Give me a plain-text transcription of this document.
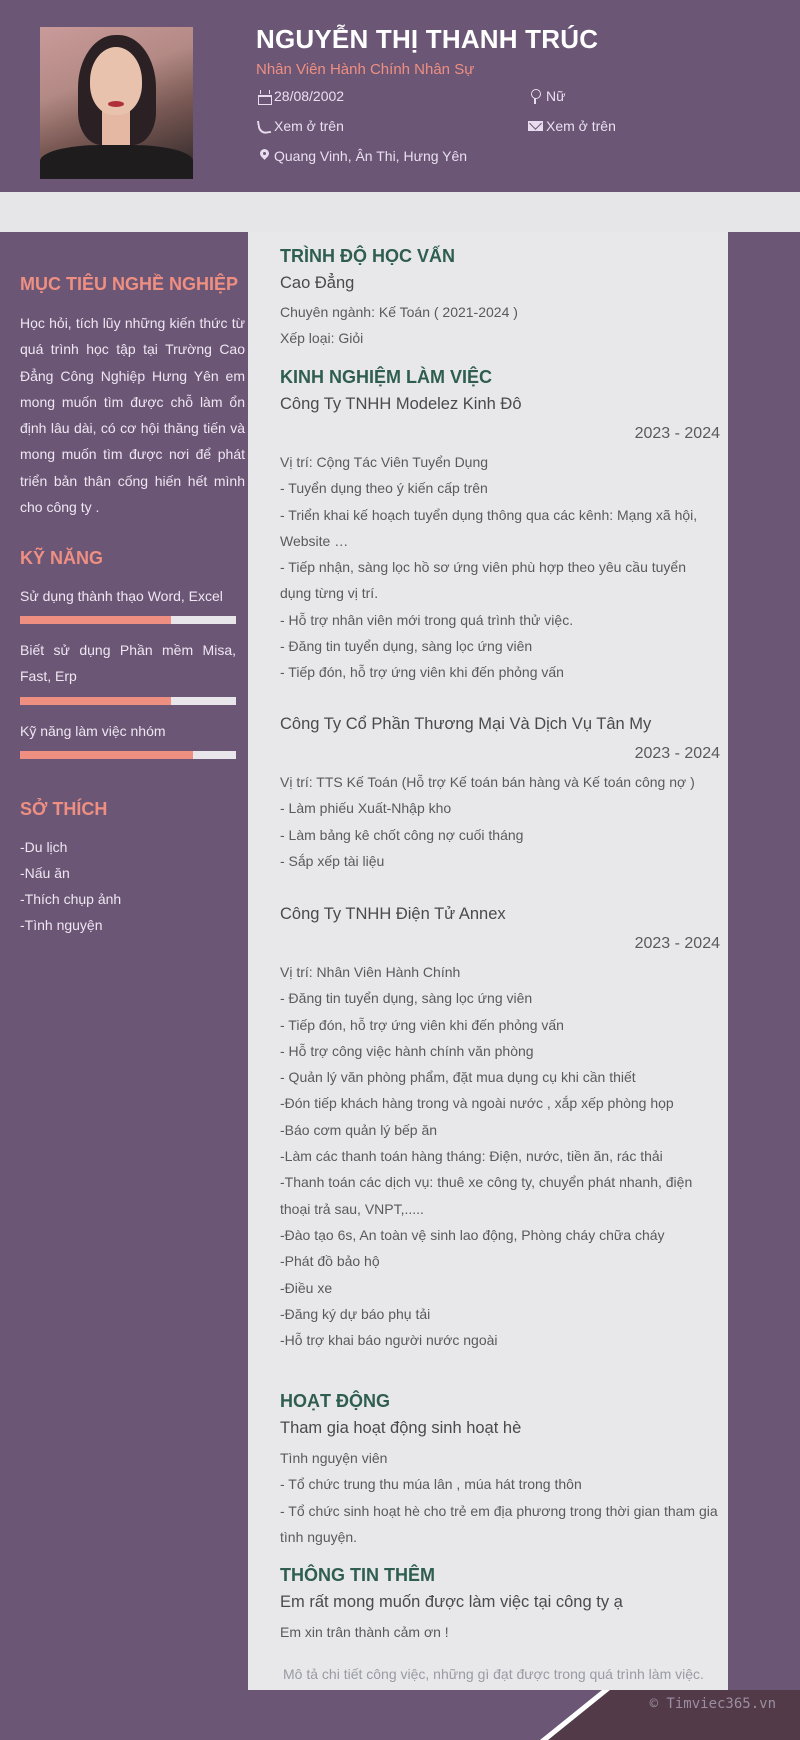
NGUYỄN THỊ THANH TRÚC
Nhân Viên Hành Chính Nhân Sự
28/08/2002	Nữ
Xem ở trên	Xem ở trên
Quang Vinh, Ân Thi, Hưng Yên
MỤC TIÊU NGHỀ NGHIỆP
Học hỏi, tích lũy những kiến thức từ quá trình học tập tại Trường Cao Đẳng Công Nghiệp Hưng Yên em mong muốn tìm được chỗ làm ổn định lâu dài, có cơ hội thăng tiến và mong muốn tìm được nơi để phát triển bản thân cống hiến hết mình cho công ty .
KỸ NĂNG
Sử dụng thành thạo Word, Excel
Biết sử dụng Phần mềm Misa, Fast, Erp
Kỹ năng làm việc nhóm
SỞ THÍCH
-Du lịch
-Nấu ăn
-Thích chụp ảnh
-Tình nguyện
TRÌNH ĐỘ HỌC VẤN
Cao Đẳng
Chuyên ngành: Kế Toán ( 2021-2024 )
Xếp loại: Giỏi
KINH NGHIỆM LÀM VIỆC
Công Ty TNHH Modelez Kinh Đô
2023 - 2024
Vị trí: Cộng Tác Viên Tuyển Dụng
- Tuyển dụng theo ý kiến cấp trên
- Triển khai kế hoạch tuyển dụng thông qua các kênh: Mạng xã hội, Website …
- Tiếp nhận, sàng lọc hồ sơ ứng viên phù hợp theo yêu cầu tuyển dụng từng vị trí.
- Hỗ trợ nhân viên mới trong quá trình thử việc.
- Đăng tin tuyển dụng, sàng lọc ứng viên
- Tiếp đón, hỗ trợ ứng viên khi đến phỏng vấn
Công Ty Cổ Phần Thương Mại Và Dịch Vụ Tân My
2023 - 2024
Vị trí: TTS Kế Toán (Hỗ trợ Kế toán bán hàng và Kế toán công nợ )
- Làm phiếu Xuất-Nhập kho
- Làm bảng kê chốt công nợ cuối tháng
- Sắp xếp tài liệu
Công Ty TNHH Điện Tử Annex
2023 - 2024
Vị trí: Nhân Viên Hành Chính
- Đăng tin tuyển dụng, sàng lọc ứng viên
- Tiếp đón, hỗ trợ ứng viên khi đến phỏng vấn
- Hỗ trợ công việc hành chính văn phòng
- Quản lý văn phòng phẩm, đặt mua dụng cụ khi cần thiết
-Đón tiếp khách hàng trong và ngoài nước , xắp xếp phòng họp
-Báo cơm quản lý bếp ăn
-Làm các thanh toán hàng tháng: Điện, nước, tiền ăn, rác thải
-Thanh toán các dịch vụ: thuê xe công ty, chuyển phát nhanh, điện thoại trả sau, VNPT,.....
-Đào tạo 6s, An toàn vệ sinh lao động, Phòng cháy chữa cháy
-Phát đồ bảo hộ
-Điều xe
-Đăng ký dự báo phụ tải
-Hỗ trợ khai báo người nước ngoài
HOẠT ĐỘNG
Tham gia hoạt động sinh hoạt hè
Tình nguyện viên
- Tổ chức trung thu múa lân , múa hát trong thôn
- Tổ chức sinh hoạt hè cho trẻ em địa phương trong thời gian tham gia tình nguyện.
THÔNG TIN THÊM
Em rất mong muốn được làm việc tại công ty ạ
Em xin trân thành cảm ơn !
Mô tả chi tiết công việc, những gì đạt được trong quá trình làm việc.
© Timviec365.vn
